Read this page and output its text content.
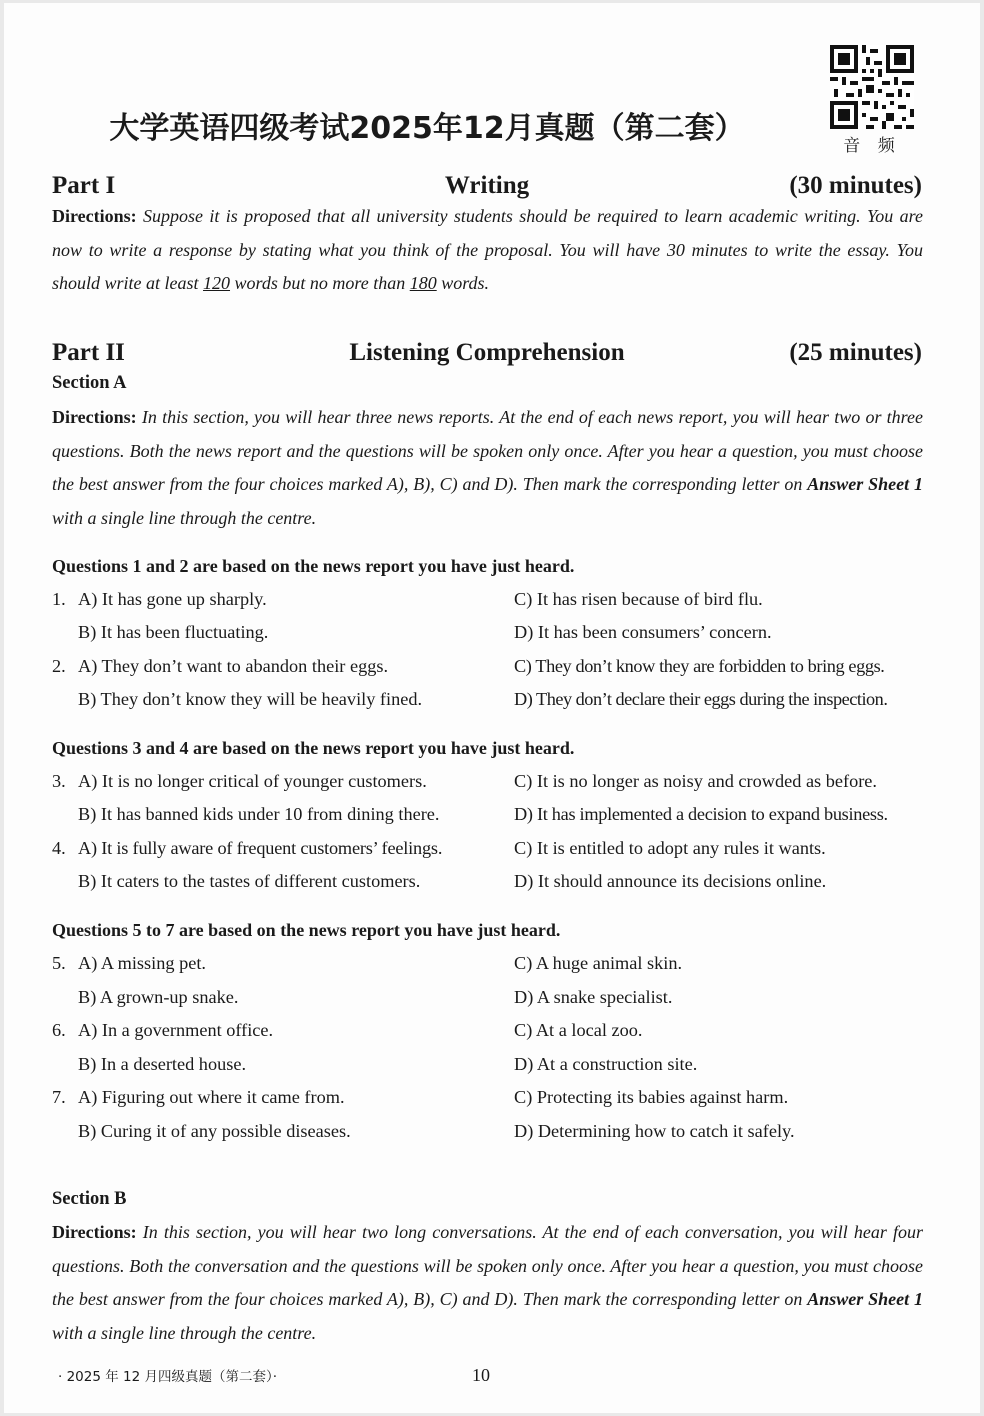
大学英语四级考试2025年12月真题（第二套）	音 频
Part I	Writing	(30 minutes)
Directions: Suppose it is proposed that all university students should be required to learn academic writing. You are now to write a response by stating what you think of the proposal. You will have 30 minutes to write the essay. You should write at least 120 words but no more than 180 words.
Part II	Listening Comprehension	(25 minutes)
Section A
Directions: In this section, you will hear three news reports. At the end of each news report, you will hear two or three questions. Both the news report and the questions will be spoken only once. After you hear a question, you must choose the best answer from the four choices marked A), B), C) and D). Then mark the corresponding letter on Answer Sheet 1 with a single line through the centre.
Questions 1 and 2 are based on the news report you have just heard.
1. A) It has gone up sharply.	C) It has risen because of bird flu.
B) It has been fluctuating.	D) It has been consumers’ concern.
2. A) They don’t want to abandon their eggs.	C) They don’t know they are forbidden to bring eggs.
B) They don’t know they will be heavily fined.	D) They don’t declare their eggs during the inspection.
Questions 3 and 4 are based on the news report you have just heard.
3. A) It is no longer critical of younger customers.	C) It is no longer as noisy and crowded as before.
B) It has banned kids under 10 from dining there.	D) It has implemented a decision to expand business.
4. A) It is fully aware of frequent customers’ feelings.	C) It is entitled to adopt any rules it wants.
B) It caters to the tastes of different customers.	D) It should announce its decisions online.
Questions 5 to 7 are based on the news report you have just heard.
5. A) A missing pet.	C) A huge animal skin.
B) A grown-up snake.	D) A snake specialist.
6. A) In a government office.	C) At a local zoo.
B) In a deserted house.	D) At a construction site.
7. A) Figuring out where it came from.	C) Protecting its babies against harm.
B) Curing it of any possible diseases.	D) Determining how to catch it safely.
Section B
Directions: In this section, you will hear two long conversations. At the end of each conversation, you will hear four questions. Both the conversation and the questions will be spoken only once. After you hear a question, you must choose the best answer from the four choices marked A), B), C) and D). Then mark the corresponding letter on Answer Sheet 1 with a single line through the centre.
· 2025 年 12 月四级真题（第二套）·	10
